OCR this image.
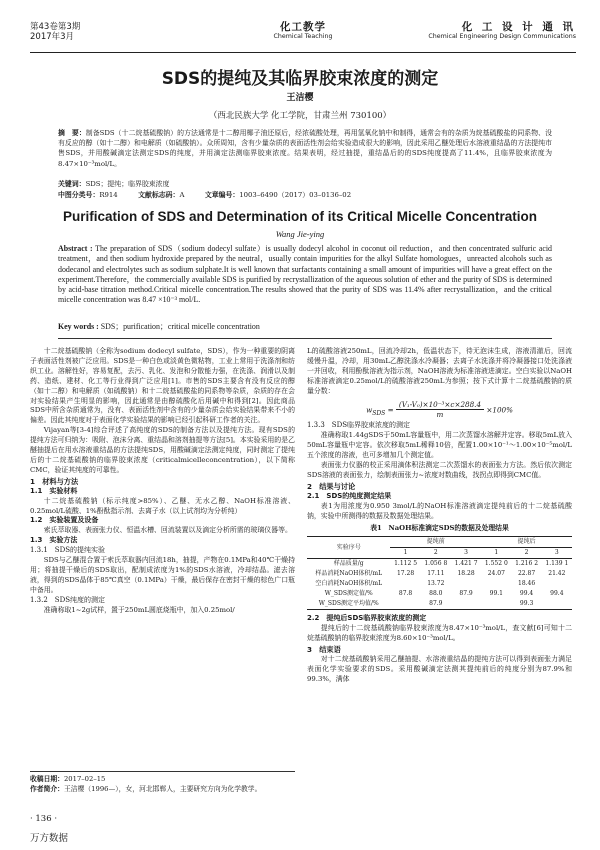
第43卷第3期
2017年3月
化工教学
Chemical Teaching
化 工 设 计 通 讯
Chemical Engineering Design Communications
SDS的提纯及其临界胶束浓度的测定
王洁樱
（西北民族大学 化工学院，甘肃兰州 730100）
摘　要：制备SDS（十二烷基硫酸钠）的方法通常是十二醇用椰子油还原后，经浓硫酸处理，再用氢氧化钠中和制得，通常会有的杂质为烷基硫酸盐的同系物、没有反应的醇（如十二醇）和电解质（如硫酸钠）。众所周知，含有少量杂质的表面活性剂会给实验造成很大的影响，因此采用乙醚处理后水溶液重结晶的方法提纯市售SDS，并用酸碱滴定法测定SDS的纯度，并用滴定法测临界胶束浓度。结果表明，经过抽提，重结晶后的的SDS纯度提高了11.4%，且临界胶束浓度为8.47×10⁻³mol/L。
关键词：SDS；提纯；临界胶束浓度
中图分类号：R914	文献标志码：A	文章编号：1003–6490（2017）03–0136–02
Purification of SDS and Determination of its Critical Micelle Concentration
Wang Jie-ying
Abstract : The preparation of SDS（sodium dodecyl sulfate）is usually dodecyl alcohol in coconut oil reduction，and then concentrated sulfuric acid treatment，and then sodium hydroxide prepared by the neutral，usually contain impurities for the alkyl Sulfate homologues，unreacted alcohols such as dodecanol and electrolytes such as sodium sulphate.It is well known that surfactants containing a small amount of impurities will have a great effect on the experiment.Therefore，the commercially available SDS is purified by recrystallization of the aqueous solution of ether and the purity of SDS is determined by acid-base titration method.Critical micelle concentration.The results showed that the purity of SDS was 11.4% after recrystallization，and the critical micelle concentration was 8.47 ×10⁻³ mol/L.
Key words : SDS；purification；critical micelle concentration

十二烷基硫酸钠（全称为sodium dodecyl sulfate，SDS），作为一种重要的阴离子表面活性剂被广泛应用。SDS是一种白色或淡黄色微粘物，工业上常用于洗涤剂和纺织工业。溶解性好，容易复配，去污、乳化、发泡和分散能力强，在洗涤、润滑以及制药、造纸、建材、化工等行业得到广泛应用[1]。市售的SDS主要含有没有反应的醇（如十二醇）和电解质（如硫酸钠）和十二烷基硫酸盐的同系物等杂质，杂质的存在会对实验结果产生明显的影响，因此通常是由醇硫酸化后用碱中和得到[2]。因此商品SDS中所含杂质通常为，没有、表面活性剂中含有的少量杂质会给实验结果带来不小的偏差。因此其纯度对于表面化学实验结果的影响已经引起科研工作者的关注。

Vijayan等[3-4]综合评述了高纯度的SDS的制备方法以及提纯方法。现有SDS的提纯方法可归纳为：吸附、泡沫分离、重结晶和溶剂抽提等方法[5]。本实验采用的是乙醚抽提后在用水溶液重结晶的方法提纯SDS，用酸碱滴定法测定纯度，同时测定了提纯后的十二烷基硫酸钠的临界胶束浓度（criticalmicelleconcentration），以下简称CMC，验证其纯度的可靠性。

1　材料与方法
1.1　实验材料

十二烷基硫酸钠（标示纯度>85%）、乙醚、无水乙醇、NaOH标准溶液、0.25mol/L硫酸、1%酚酞指示剂、去离子水（以上试剂均为分析纯）

1.2　实验装置及设备

索氏萃取器、表面张力仪、恒温水槽、回流装置以及滴定分析所需的玻璃仪器等。

1.3　实验方法
1.3.1　SDS的提纯实验

SDS与乙醚混合置于索氏萃取器内回流18h，抽提，产物在0.1MPa和40℃干燥持用；将抽提干燥后的SDS取出，配制成浓度为1%的SDS水溶液，冷却结晶。滤去溶液，得到的SDS晶体于85℃真空（0.1MPa）干燥，最后保存在密封干燥的棕色广口瓶中备用。

1.3.2　SDS纯度的测定

准确称取1~2g试样，置于250mL圆底烧瓶中，加入0.25mol/

收稿日期：2017–02–15
作者简介：王洁樱（1996—），女，河北邯郸人，主要研究方向为化学教学。
· 136 ·
万方数据

L的硫酸溶液250mL，回流冷却2h，低温状态下，待无泡沫生成，溶液清澈后，回流缓慢升温，冷却，用30mL乙醇洗涤水冷凝器；去离子水洗涤并将冷凝器接口处洗涤液一并回收，利用酚酞溶液为指示剂，NaOH溶液为标准溶液进滴定。空白实验以NaOH标准溶液滴定0.25mol/L的硫酸溶液250mL为参照；按下式计算十二烷基硫酸钠的质量分数：

$w_{SDS} = \frac{\text{(V₁-V₀)×10⁻³×c×288.4}}{m} \times 100\%$
1.3.3　SDS临界胶束浓度的测定

准确称取1.44gSDS于50mL容量瓶中，用二次蒸馏水溶解并定容。移取5mL放入50mL容量瓶中定容。依次移取5mL稀释10倍，配置1.00×10⁻¹～1.00×10⁻⁵mol/L五个浓度的溶液，也可多增加几个测定值。

表面张力仪器的校正采用滴体积法测定二次蒸馏水的表面张力方法。然后依次测定SDS溶液的表面张力，绘制表面张力~浓度对数曲线，找拐点即得到CMC值。

2　结果与讨论
2.1　SDS的纯度测定结果

表1为用浓度为0.950 3mol/L的NaOH标准溶液滴定提纯前后的十二烷基硫酸钠，实验中所测得的数据及数据处理结果。

表1　NaOH标准滴定SDS的数据及处理结果
实验序号	提纯前			提纯后		
	1	2	3	1	2	3
样品质量/g	1.112 5	1.056 8	1.421 7	1.552 0	1.216 2	1.139 1
样品消耗NaOH体积/mL	17.28	17.11	18.28	24.07	22.87	21.42
空白消耗NaOH体积/mL	13.72			18.46		
W_SDS测定值/%	87.8	88.0	87.9	99.1	99.4	99.4
W_SDS测定平均值/%	87.9			99.3		
2.2　提纯后SDS临界胶束浓度的测定

提纯后的十二烷基硫酸钠临界胶束浓度为8.47×10⁻³mol/L，查文献[6]可知十二烷基硫酸钠的临界胶束浓度为8.60×10⁻³mol/L。

3　结束语

对十二烷基硫酸钠采用乙醚抽提、水溶液重结晶的提纯方法可以得到表面张力满足表面化学实验要求的SDS。采用酸碱滴定法测其提纯前后的纯度分别为87.9%和99.3%，满体
